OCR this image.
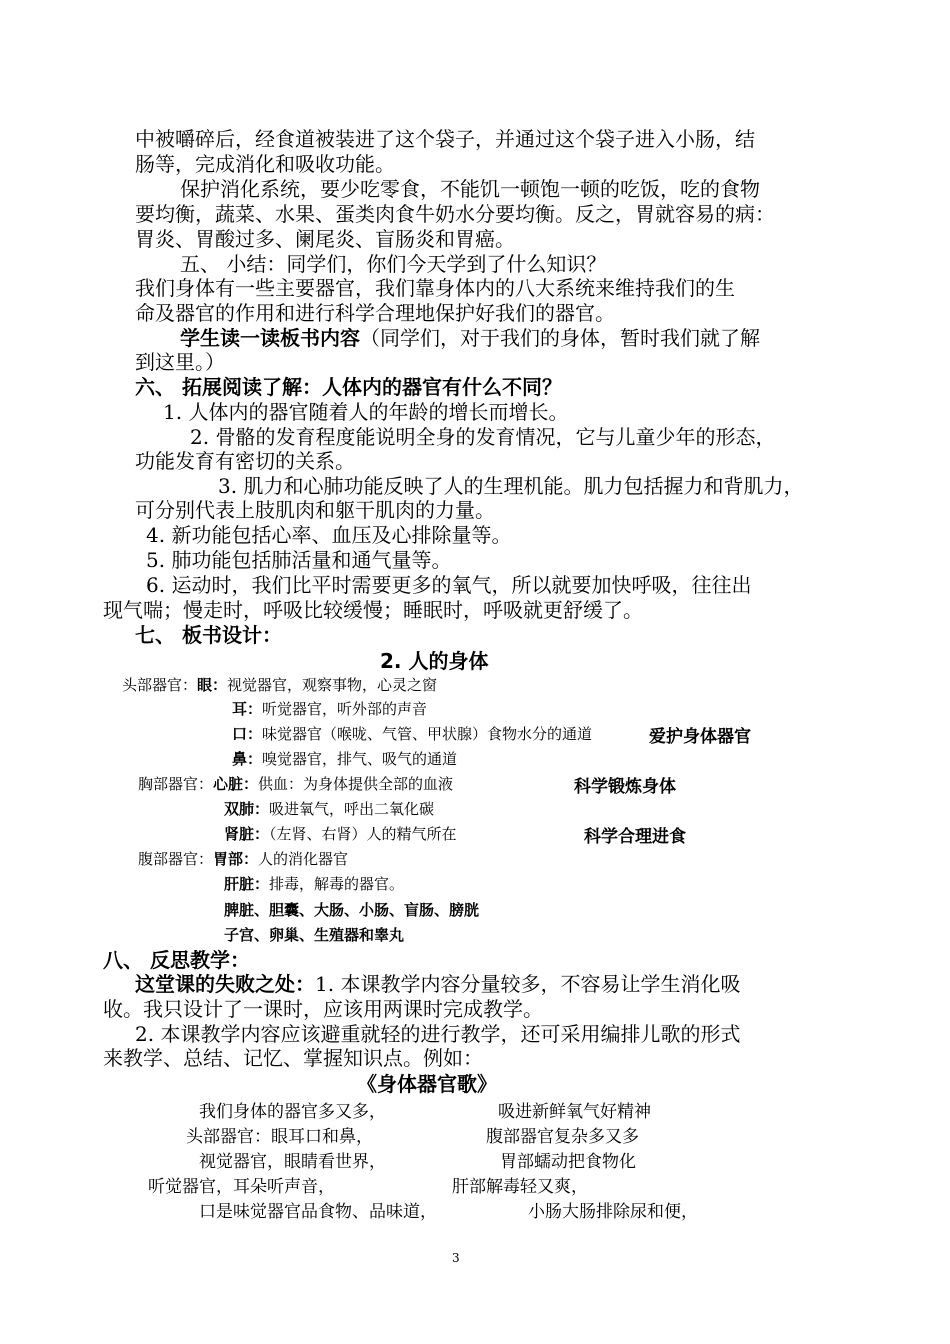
中被嚼碎后，经食道被装进了这个袋子，并通过这个袋子进入小肠，结
肠等，完成消化和吸收功能。
保护消化系统，要少吃零食，不能饥一顿饱一顿的吃饭，吃的食物
要均衡，蔬菜、水果、蛋类肉食牛奶水分要均衡。反之，胃就容易的病：
胃炎、胃酸过多、阑尾炎、盲肠炎和胃癌。
五、 小结：同学们，你们今天学到了什么知识？
我们身体有一些主要器官，我们靠身体内的八大系统来维持我们的生
命及器官的作用和进行科学合理地保护好我们的器官。
学生读一读板书内容（同学们，对于我们的身体，暂时我们就了解
到这里。）
六、 拓展阅读了解：人体内的器官有什么不同？
1. 人体内的器官随着人的年龄的增长而增长。
2. 骨骼的发育程度能说明全身的发育情况，它与儿童少年的形态，
功能发育有密切的关系。
3. 肌力和心肺功能反映了人的生理机能。肌力包括握力和背肌力，
可分别代表上肢肌肉和躯干肌肉的力量。
4. 新功能包括心率、血压及心排除量等。
5. 肺功能包括肺活量和通气量等。
6. 运动时，我们比平时需要更多的氧气，所以就要加快呼吸，往往出
现气喘；慢走时，呼吸比较缓慢；睡眠时，呼吸就更舒缓了。
七、 板书设计：
2. 人的身体
头部器官：眼：视觉器官，观察事物，心灵之窗
耳：听觉器官，听外部的声音
口：味觉器官（喉咙、气管、甲状腺）食物水分的通道	爱护身体器官
鼻：嗅觉器官，排气、吸气的通道
胸部器官：心脏：供血：为身体提供全部的血液	科学锻炼身体
双肺：吸进氧气，呼出二氧化碳
肾脏：（左肾、右肾）人的精气所在	科学合理进食
腹部器官：胃部：人的消化器官
肝脏：排毒，解毒的器官。
脾脏、胆囊、大肠、小肠、盲肠、膀胱
子宫、卵巢、生殖器和睾丸
八、 反思教学：
这堂课的失败之处：1. 本课教学内容分量较多，不容易让学生消化吸
收。我只设计了一课时，应该用两课时完成教学。
2. 本课教学内容应该避重就轻的进行教学，还可采用编排儿歌的形式
来教学、总结、记忆、掌握知识点。例如：
《身体器官歌》
我们身体的器官多又多，	吸进新鲜氧气好精神
头部器官：眼耳口和鼻，	腹部器官复杂多又多
视觉器官，眼睛看世界，	胃部蠕动把食物化
听觉器官，耳朵听声音，	肝部解毒轻又爽，
口是味觉器官品食物、品味道，	小肠大肠排除尿和便，
3
